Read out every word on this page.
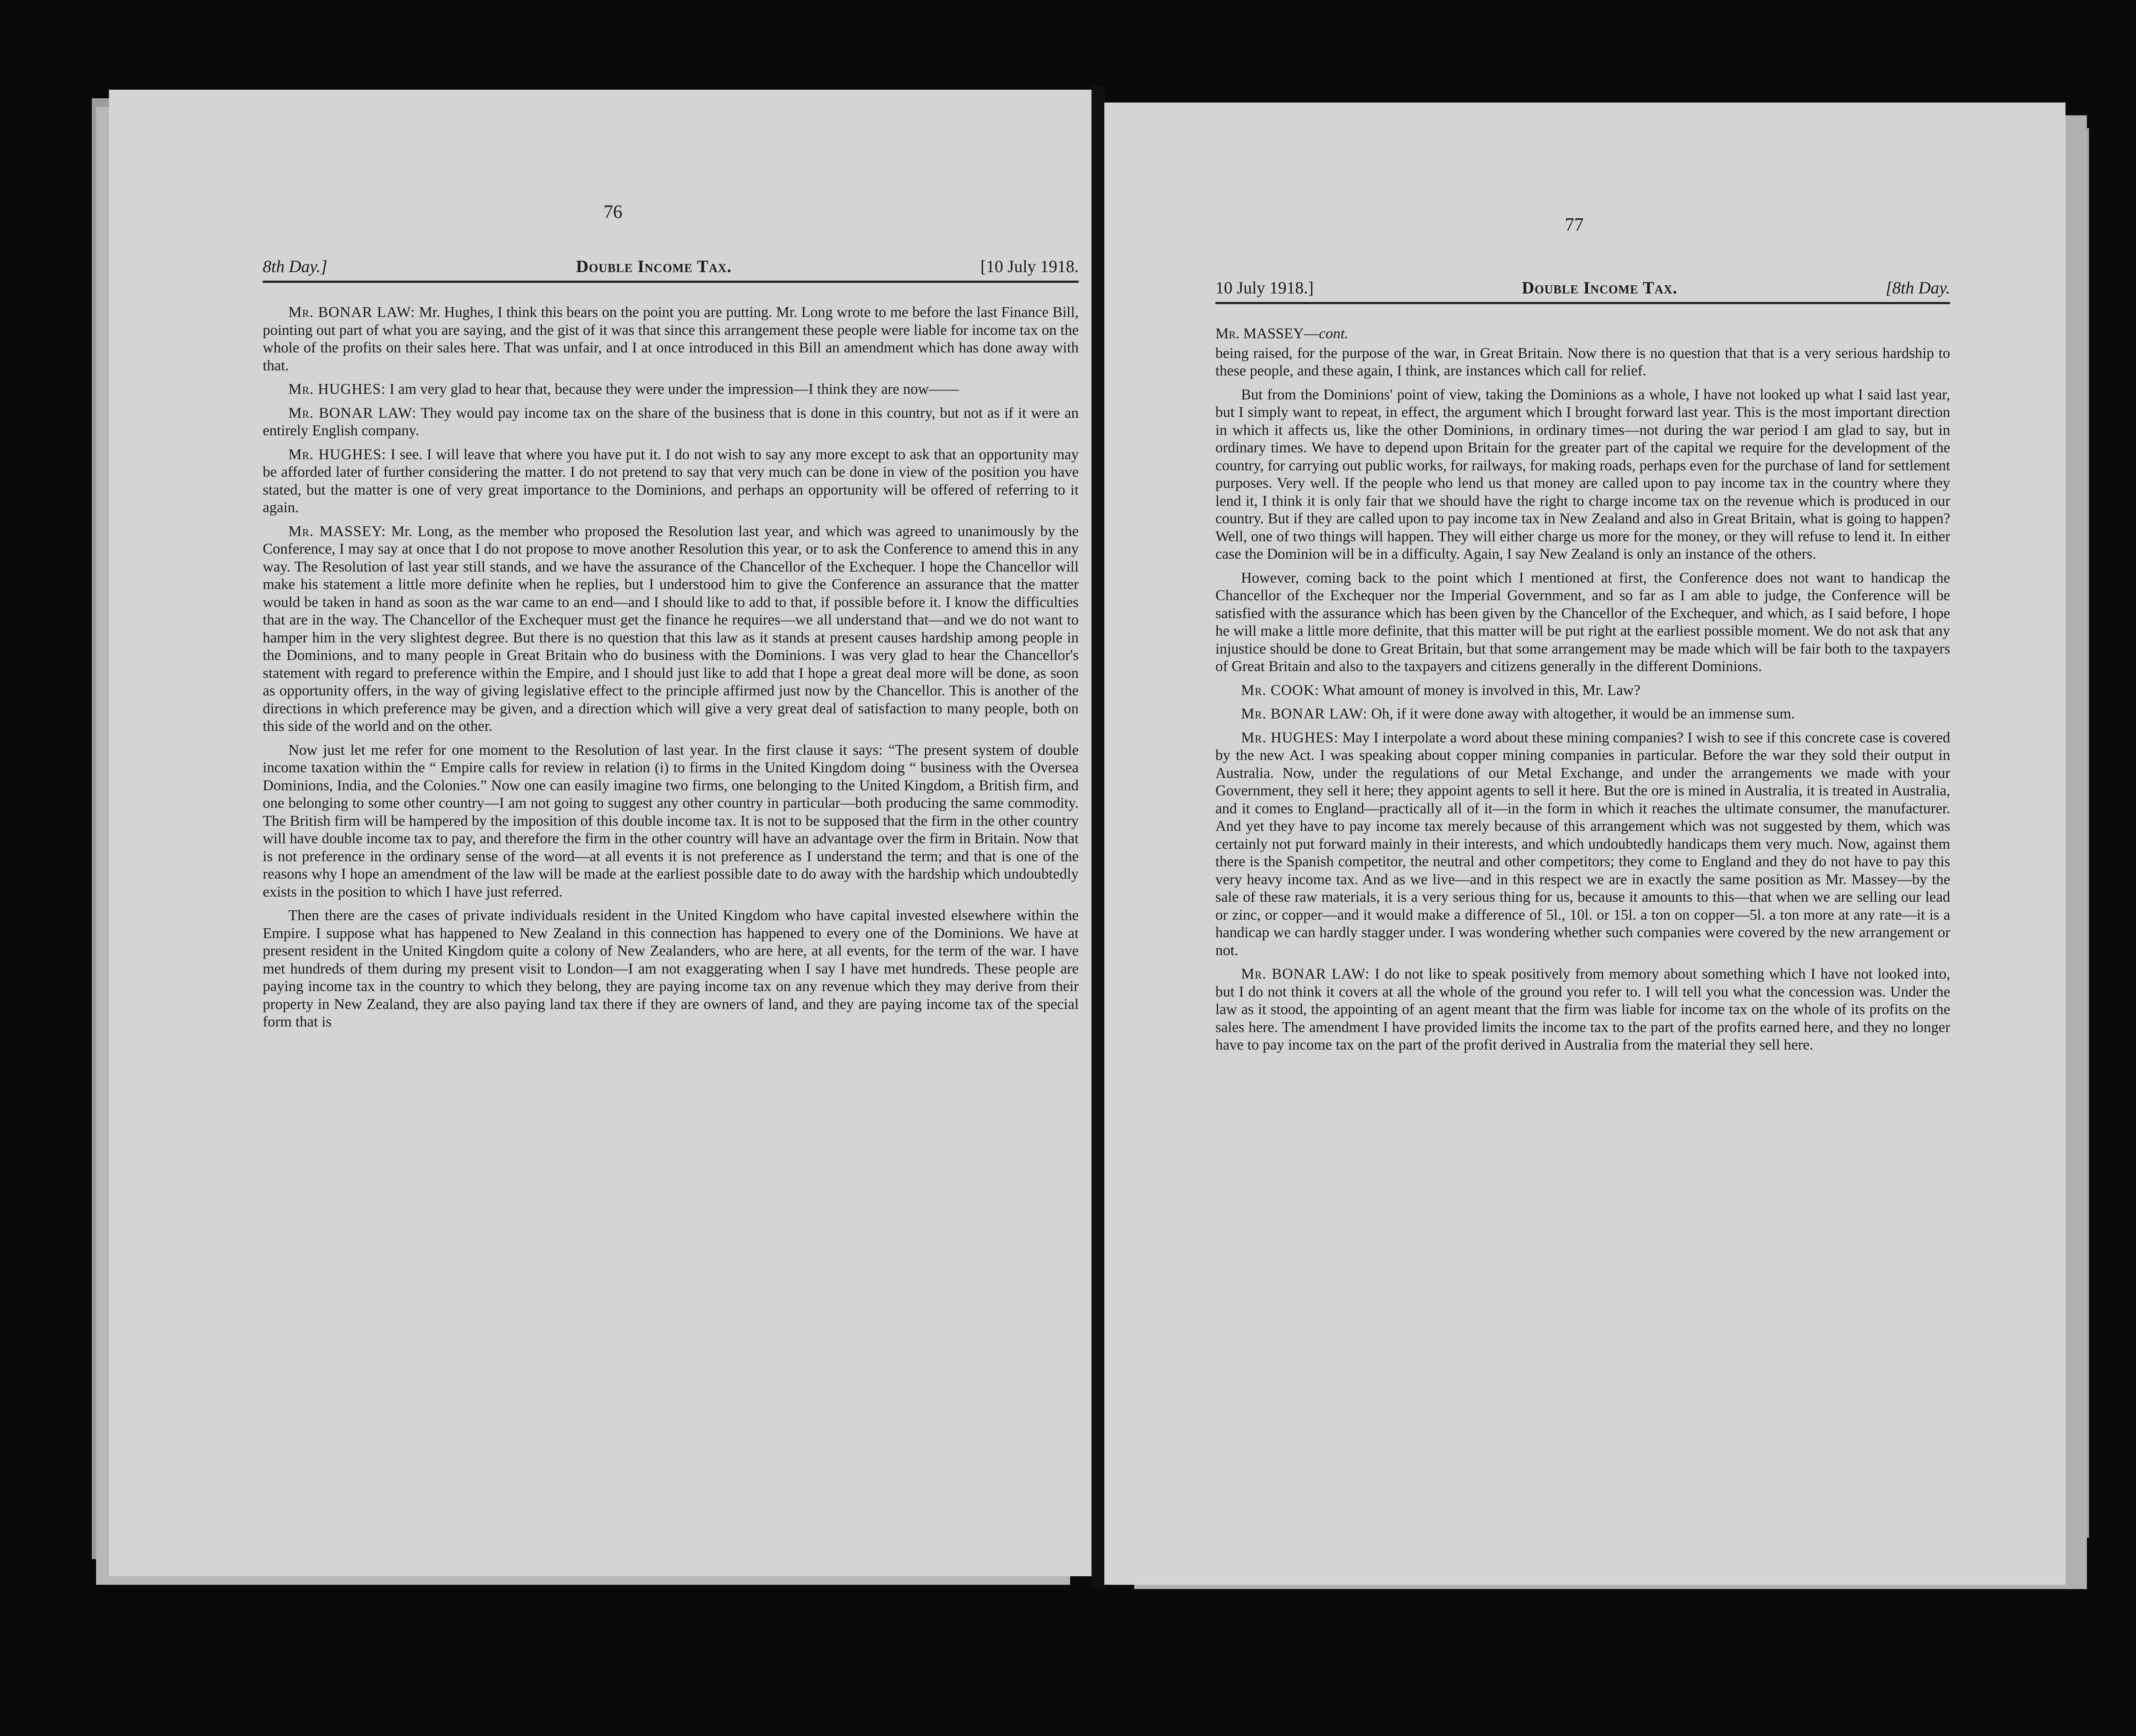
76
8th Day.]	Double Income Tax.	[10 July 1918.

Mr. BONAR LAW: Mr. Hughes, I think this bears on the point you are putting. Mr. Long wrote to me before the last Finance Bill, pointing out part of what you are saying, and the gist of it was that since this arrangement these people were liable for income tax on the whole of the profits on their sales here. That was unfair, and I at once introduced in this Bill an amendment which has done away with that.

Mr. HUGHES: I am very glad to hear that, because they were under the impression—I think they are now——

Mr. BONAR LAW: They would pay income tax on the share of the business that is done in this country, but not as if it were an entirely English company.

Mr. HUGHES: I see. I will leave that where you have put it. I do not wish to say any more except to ask that an opportunity may be afforded later of further considering the matter. I do not pretend to say that very much can be done in view of the position you have stated, but the matter is one of very great importance to the Dominions, and perhaps an opportunity will be offered of referring to it again.

Mr. MASSEY: Mr. Long, as the member who proposed the Resolution last year, and which was agreed to unanimously by the Conference, I may say at once that I do not propose to move another Resolution this year, or to ask the Conference to amend this in any way. The Resolution of last year still stands, and we have the assurance of the Chancellor of the Exchequer. I hope the Chancellor will make his statement a little more definite when he replies, but I understood him to give the Conference an assurance that the matter would be taken in hand as soon as the war came to an end—and I should like to add to that, if possible before it. I know the difficulties that are in the way. The Chancellor of the Exchequer must get the finance he requires—we all understand that—and we do not want to hamper him in the very slightest degree. But there is no question that this law as it stands at present causes hardship among people in the Dominions, and to many people in Great Britain who do business with the Dominions. I was very glad to hear the Chancellor's statement with regard to preference within the Empire, and I should just like to add that I hope a great deal more will be done, as soon as opportunity offers, in the way of giving legislative effect to the principle affirmed just now by the Chancellor. This is another of the directions in which preference may be given, and a direction which will give a very great deal of satisfaction to many people, both on this side of the world and on the other.

Now just let me refer for one moment to the Resolution of last year. In the first clause it says: “The present system of double income taxation within the “ Empire calls for review in relation (i) to firms in the United Kingdom doing “ business with the Oversea Dominions, India, and the Colonies.” Now one can easily imagine two firms, one belonging to the United Kingdom, a British firm, and one belonging to some other country—I am not going to suggest any other country in particular—both producing the same commodity. The British firm will be hampered by the imposition of this double income tax. It is not to be supposed that the firm in the other country will have double income tax to pay, and therefore the firm in the other country will have an advantage over the firm in Britain. Now that is not preference in the ordinary sense of the word—at all events it is not preference as I understand the term; and that is one of the reasons why I hope an amendment of the law will be made at the earliest possible date to do away with the hardship which undoubtedly exists in the position to which I have just referred.

Then there are the cases of private individuals resident in the United Kingdom who have capital invested elsewhere within the Empire. I suppose what has happened to New Zealand in this connection has happened to every one of the Dominions. We have at present resident in the United Kingdom quite a colony of New Zealanders, who are here, at all events, for the term of the war. I have met hundreds of them during my present visit to London—I am not exaggerating when I say I have met hundreds. These people are paying income tax in the country to which they belong, they are paying income tax on any revenue which they may derive from their property in New Zealand, they are also paying land tax there if they are owners of land, and they are paying income tax of the special form that is

77
10 July 1918.]	Double Income Tax.	[8th Day.
Mr. MASSEY—cont.

being raised, for the purpose of the war, in Great Britain. Now there is no question that that is a very serious hardship to these people, and these again, I think, are instances which call for relief.

But from the Dominions' point of view, taking the Dominions as a whole, I have not looked up what I said last year, but I simply want to repeat, in effect, the argument which I brought forward last year. This is the most important direction in which it affects us, like the other Dominions, in ordinary times—not during the war period I am glad to say, but in ordinary times. We have to depend upon Britain for the greater part of the capital we require for the development of the country, for carrying out public works, for railways, for making roads, perhaps even for the purchase of land for settlement purposes. Very well. If the people who lend us that money are called upon to pay income tax in the country where they lend it, I think it is only fair that we should have the right to charge income tax on the revenue which is produced in our country. But if they are called upon to pay income tax in New Zealand and also in Great Britain, what is going to happen? Well, one of two things will happen. They will either charge us more for the money, or they will refuse to lend it. In either case the Dominion will be in a difficulty. Again, I say New Zealand is only an instance of the others.

However, coming back to the point which I mentioned at first, the Conference does not want to handicap the Chancellor of the Exchequer nor the Imperial Government, and so far as I am able to judge, the Conference will be satisfied with the assurance which has been given by the Chancellor of the Exchequer, and which, as I said before, I hope he will make a little more definite, that this matter will be put right at the earliest possible moment. We do not ask that any injustice should be done to Great Britain, but that some arrangement may be made which will be fair both to the taxpayers of Great Britain and also to the taxpayers and citizens generally in the different Dominions.

Mr. COOK: What amount of money is involved in this, Mr. Law?

Mr. BONAR LAW: Oh, if it were done away with altogether, it would be an immense sum.

Mr. HUGHES: May I interpolate a word about these mining companies? I wish to see if this concrete case is covered by the new Act. I was speaking about copper mining companies in particular. Before the war they sold their output in Australia. Now, under the regulations of our Metal Exchange, and under the arrangements we made with your Government, they sell it here; they appoint agents to sell it here. But the ore is mined in Australia, it is treated in Australia, and it comes to England—practically all of it—in the form in which it reaches the ultimate consumer, the manufacturer. And yet they have to pay income tax merely because of this arrangement which was not suggested by them, which was certainly not put forward mainly in their interests, and which undoubtedly handicaps them very much. Now, against them there is the Spanish competitor, the neutral and other competitors; they come to England and they do not have to pay this very heavy income tax. And as we live—and in this respect we are in exactly the same position as Mr. Massey—by the sale of these raw materials, it is a very serious thing for us, because it amounts to this—that when we are selling our lead or zinc, or copper—and it would make a difference of 5l., 10l. or 15l. a ton on copper—5l. a ton more at any rate—it is a handicap we can hardly stagger under. I was wondering whether such companies were covered by the new arrangement or not.

Mr. BONAR LAW: I do not like to speak positively from memory about something which I have not looked into, but I do not think it covers at all the whole of the ground you refer to. I will tell you what the concession was. Under the law as it stood, the appointing of an agent meant that the firm was liable for income tax on the whole of its profits on the sales here. The amendment I have provided limits the income tax to the part of the profits earned here, and they no longer have to pay income tax on the part of the profit derived in Australia from the material they sell here.
